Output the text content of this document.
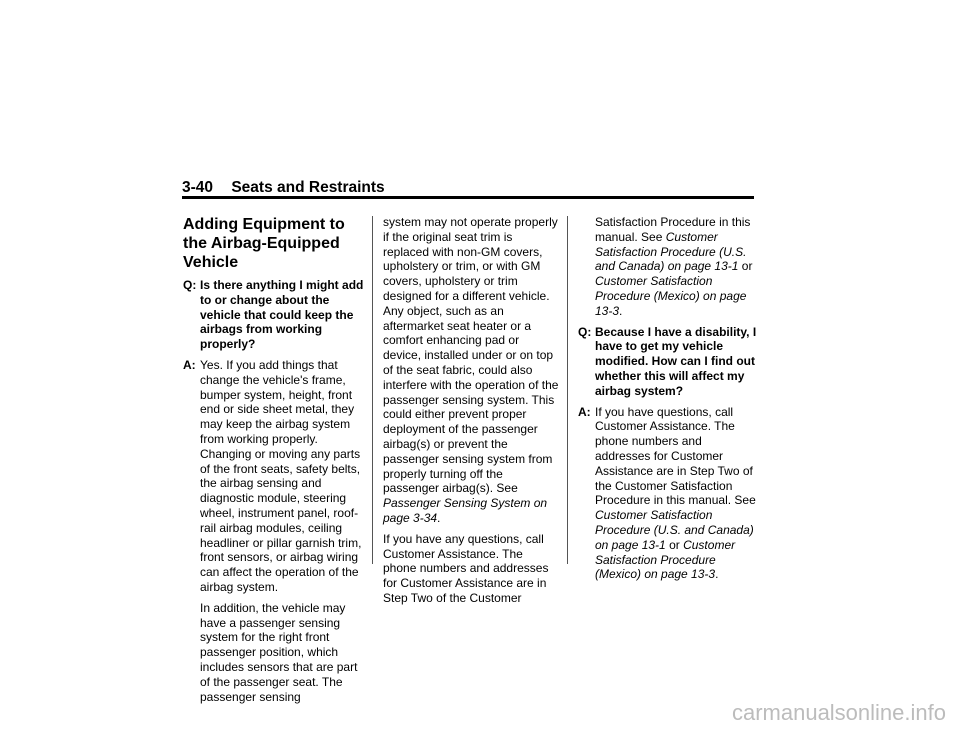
3-40 Seats and Restraints
Adding Equipment to the Airbag-Equipped Vehicle
Q: Is there anything I might add to or change about the vehicle that could keep the airbags from working properly?
A: Yes. If you add things that change the vehicle's frame, bumper system, height, front end or side sheet metal, they may keep the airbag system from working properly. Changing or moving any parts of the front seats, safety belts, the airbag sensing and diagnostic module, steering wheel, instrument panel, roof-rail airbag modules, ceiling headliner or pillar garnish trim, front sensors, or airbag wiring can affect the operation of the airbag system.

In addition, the vehicle may have a passenger sensing system for the right front passenger position, which includes sensors that are part of the passenger seat. The passenger sensing

system may not operate properly if the original seat trim is replaced with non-GM covers, upholstery or trim, or with GM covers, upholstery or trim designed for a different vehicle. Any object, such as an aftermarket seat heater or a comfort enhancing pad or device, installed under or on top of the seat fabric, could also interfere with the operation of the passenger sensing system. This could either prevent proper deployment of the passenger airbag(s) or prevent the passenger sensing system from properly turning off the passenger airbag(s). See Passenger Sensing System on page 3-34.

If you have any questions, call Customer Assistance. The phone numbers and addresses for Customer Assistance are in Step Two of the Customer

Satisfaction Procedure in this manual. See Customer Satisfaction Procedure (U.S. and Canada) on page 13-1 or Customer Satisfaction Procedure (Mexico) on page 13-3.

Q: Because I have a disability, I have to get my vehicle modified. How can I find out whether this will affect my airbag system?
A: If you have questions, call Customer Assistance. The phone numbers and addresses for Customer Assistance are in Step Two of the Customer Satisfaction Procedure in this manual. See Customer Satisfaction Procedure (U.S. and Canada) on page 13-1 or Customer Satisfaction Procedure (Mexico) on page 13-3.
carmanualsonline.info
